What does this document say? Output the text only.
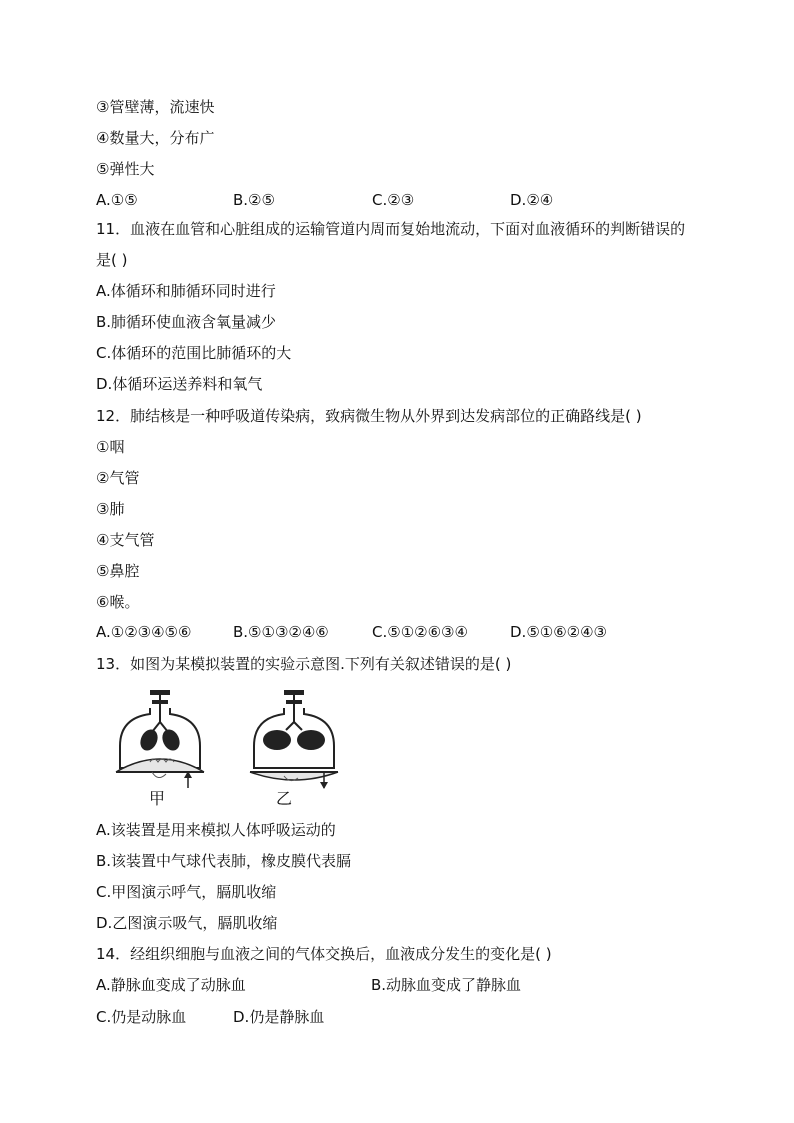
③管壁薄，流速快
④数量大，分布广
⑤弹性大
A.①⑤	B.②⑤	C.②③	D.②④
11．血液在血管和心脏组成的运输管道内周而复始地流动，下面对血液循环的判断错误的是( )
A.体循环和肺循环同时进行
B.肺循环使血液含氧量减少
C.体循环的范围比肺循环的大
D.体循环运送养料和氧气
12．肺结核是一种呼吸道传染病，致病微生物从外界到达发病部位的正确路线是( )
①咽
②气管
③肺
④支气管
⑤鼻腔
⑥喉。
A.①②③④⑤⑥	B.⑤①③②④⑥	C.⑤①②⑥③④	D.⑤①⑥②④③
13．如图为某模拟装置的实验示意图.下列有关叙述错误的是( )
甲	乙
A.该装置是用来模拟人体呼吸运动的
B.该装置中气球代表肺，橡皮膜代表膈
C.甲图演示呼气，膈肌收缩
D.乙图演示吸气，膈肌收缩
14．经组织细胞与血液之间的气体交换后，血液成分发生的变化是( )
A.静脉血变成了动脉血	B.动脉血变成了静脉血
C.仍是动脉血	D.仍是静脉血
